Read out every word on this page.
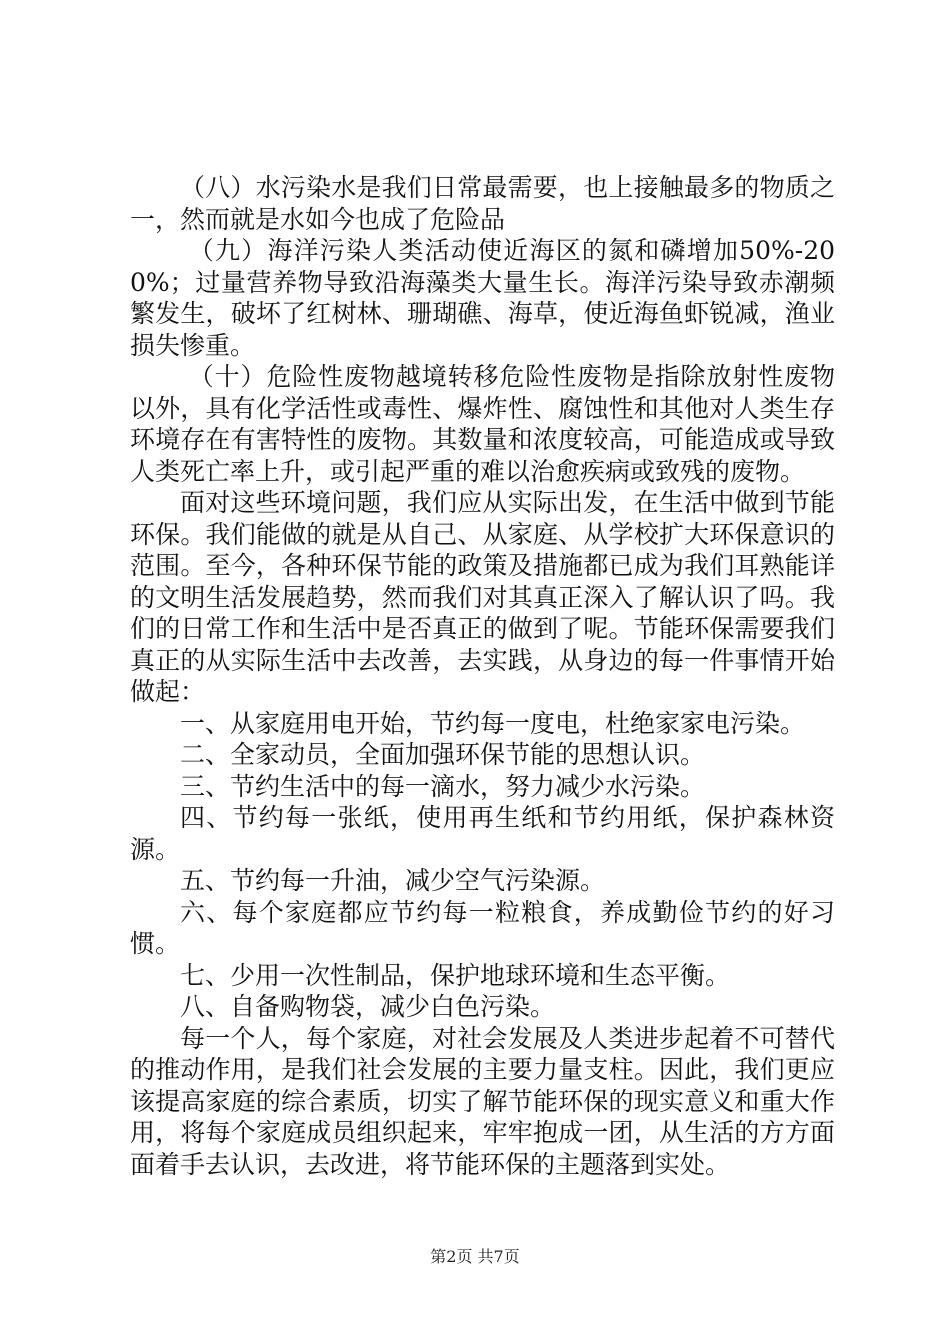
（八）水污染水是我们日常最需要，也上接触最多的物质之一，然而就是水如今也成了危险品

（九）海洋污染人类活动使近海区的氮和磷增加50%-200%；过量营养物导致沿海藻类大量生长。海洋污染导致赤潮频繁发生，破坏了红树林、珊瑚礁、海草，使近海鱼虾锐减，渔业损失惨重。

（十）危险性废物越境转移危险性废物是指除放射性废物以外，具有化学活性或毒性、爆炸性、腐蚀性和其他对人类生存环境存在有害特性的废物。其数量和浓度较高，可能造成或导致人类死亡率上升，或引起严重的难以治愈疾病或致残的废物。

面对这些环境问题，我们应从实际出发，在生活中做到节能环保。我们能做的就是从自己、从家庭、从学校扩大环保意识的范围。至今，各种环保节能的政策及措施都已成为我们耳熟能详的文明生活发展趋势，然而我们对其真正深入了解认识了吗。我们的日常工作和生活中是否真正的做到了呢。节能环保需要我们真正的从实际生活中去改善，去实践，从身边的每一件事情开始做起：

一、从家庭用电开始，节约每一度电，杜绝家家电污染。

二、全家动员，全面加强环保节能的思想认识。

三、节约生活中的每一滴水，努力减少水污染。

四、节约每一张纸，使用再生纸和节约用纸，保护森林资源。

五、节约每一升油，减少空气污染源。

六、每个家庭都应节约每一粒粮食，养成勤俭节约的好习惯。

七、少用一次性制品，保护地球环境和生态平衡。

八、自备购物袋，减少白色污染。

每一个人，每个家庭，对社会发展及人类进步起着不可替代的推动作用，是我们社会发展的主要力量支柱。因此，我们更应该提高家庭的综合素质，切实了解节能环保的现实意义和重大作用，将每个家庭成员组织起来，牢牢抱成一团，从生活的方方面面着手去认识，去改进，将节能环保的主题落到实处。

第2页 共7页
